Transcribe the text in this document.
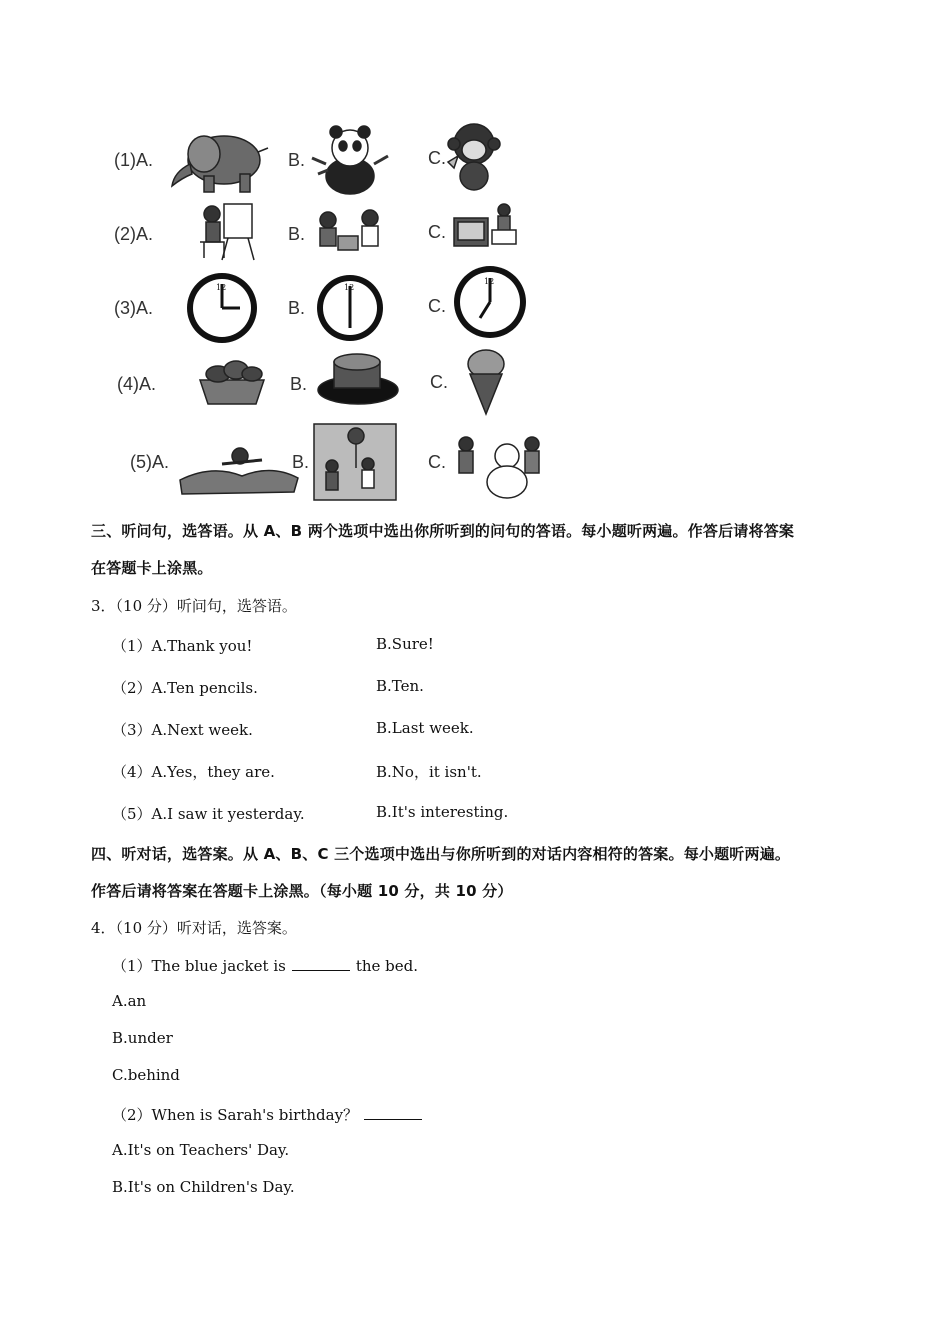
(1)A.	B.	C.
(2)A.	B.	C.
(3)A.	B.	C.
(4)A.	B.	C.
(5)A.	B.	C.
12	12
12
三、听问句，选答语。从 A、B 两个选项中选出你所听到的问句的答语。每小题听两遍。作答后请将答案
在答题卡上涂黑。
3．（10 分）听问句，选答语。
（1）A.Thank you!	B.Sure!
（2）A.Ten pencils.	B.Ten.
（3）A.Next week.	B.Last week.
（4）A.Yes，they are.	B.No，it isn't.
（5）A.I saw it yesterday.	B.It's interesting.
四、听对话，选答案。从 A、B、C 三个选项中选出与你所听到的对话内容相符的答案。每小题听两遍。
作答后请将答案在答题卡上涂黑。（每小题 10 分，共 10 分）
4．（10 分）听对话，选答案。
（1）The blue jacket is	the bed.
A.an
B.under
C.behind
（2）When is Sarah's birthday？
A.It's on Teachers' Day.
B.It's on Children's Day.
